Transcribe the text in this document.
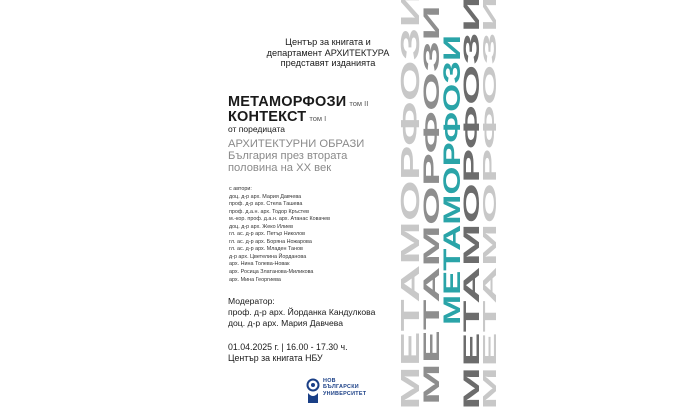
Център за книгата и
департамент АРХИТЕКТУРА
представят изданията
МЕТАМОРФОЗИ том II
КОНТЕКСТ том I
от поредицата
АРХИТЕКТУРНИ ОБРАЗИ
България през втората
половина на ХХ век
с автори:
доц. д-р арх. Мария Давчева
проф. д-р арх. Стела Ташева
проф. д.а.н. арх. Тодор Кръстев
м.-кор. проф. д.а.н. арх. Атанас Ковачев
доц. д-р арх. Жеко Илиев
гл. ас. д-р арх. Петър Николов
гл. ас. д-р арх. Борянa Ножарова
гл. ас. д-р арх. Младен Танов
д-р арх. Цветелина Йорданова
арх. Нина Толева-Новак
арх. Росица Златанова-Миликова
арх. Мина Георгиева
Модератор:
проф. д-р арх. Йорданка Кандулкова
доц. д-р арх. Мария Давчева
01.04.2025 г. | 16.00 - 17.30 ч.
Център за книгата НБУ
НОВ
БЪЛГАРСКИ
УНИВЕРСИТЕТ МЕТАМОРФОЗИ
МЕТАМОРФОЗИ
МЕТАМОРФОЗИ
МЕТАМОРФОЗИ
МЕТАМОРФОЗИ
